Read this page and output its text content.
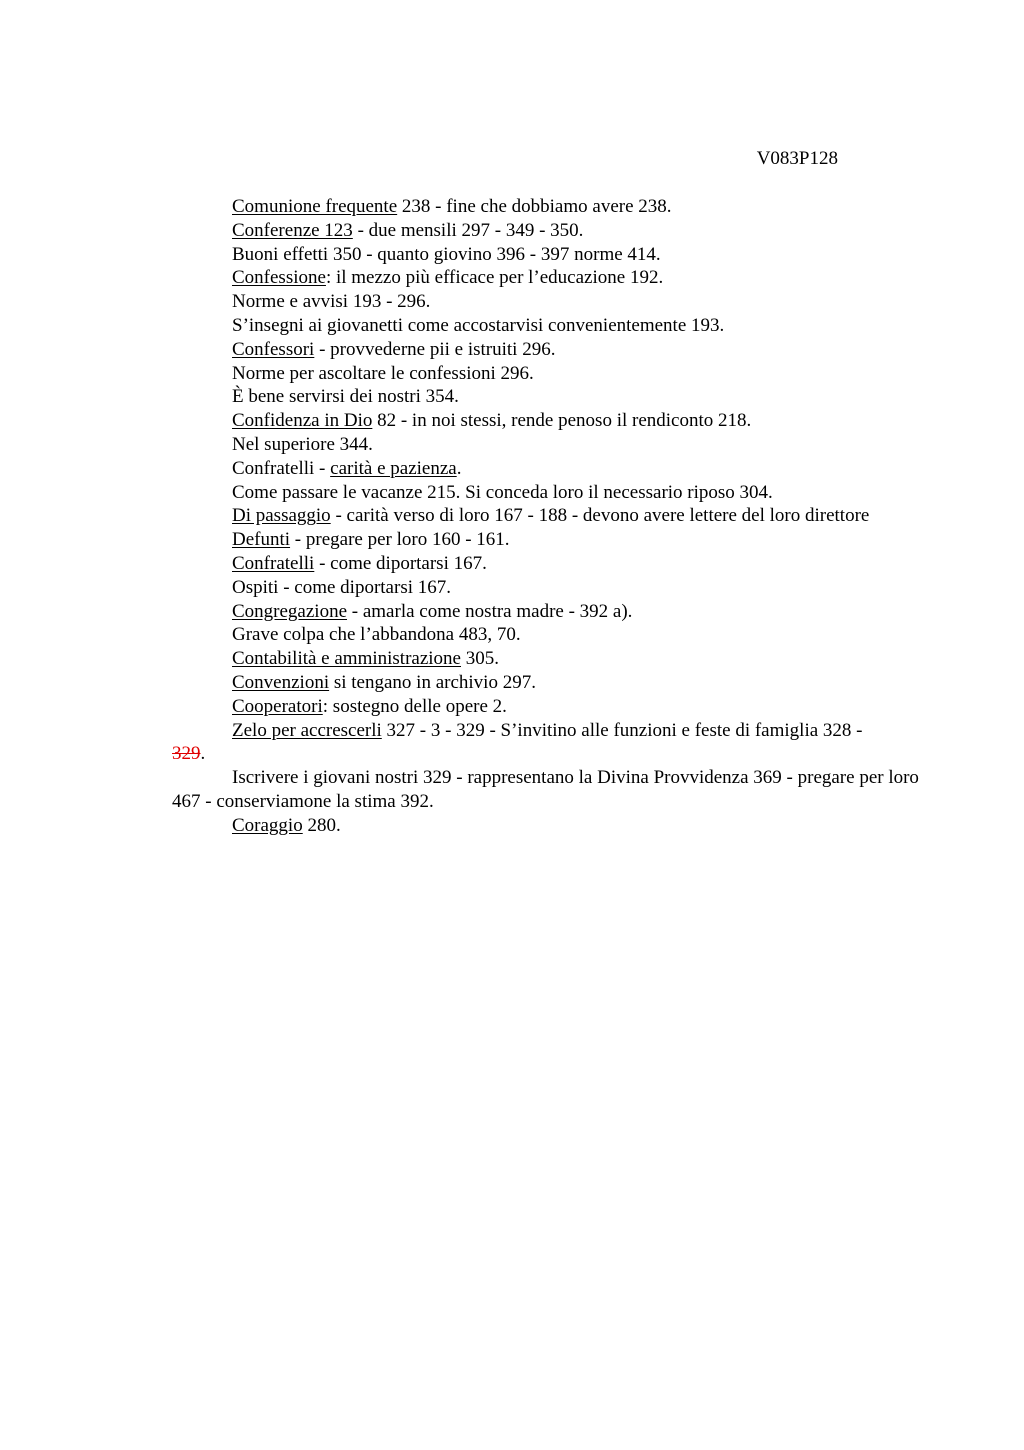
V083P128

Comunione frequente 238 - fine che dobbiamo avere 238.

Conferenze 123 - due mensili 297 - 349 - 350.

Buoni effetti 350 - quanto giovino 396 - 397 norme 414.

Confessione: il mezzo più efficace per l’educazione 192.

Norme e avvisi 193 - 296.

S’insegni ai giovanetti come accostarvisi convenientemente 193.

Confessori - provvederne pii e istruiti 296.

Norme per ascoltare le confessioni 296.

È bene servirsi dei nostri 354.

Confidenza in Dio 82 - in noi stessi, rende penoso il rendiconto 218.

Nel superiore 344.

Confratelli - carità e pazienza.

Come passare le vacanze 215. Si conceda loro il necessario riposo 304.

Di passaggio - carità verso di loro 167 - 188 - devono avere lettere del loro direttore

Defunti - pregare per loro 160 - 161.

Confratelli - come diportarsi 167.

Ospiti - come diportarsi 167.

Congregazione - amarla come nostra madre - 392 a).

Grave colpa che l’abbandona 483, 70.

Contabilità e amministrazione 305.

Convenzioni si tengano in archivio 297.

Cooperatori: sostegno delle opere 2.

Zelo per accrescerli 327 - 3 - 329 - S’invitino alle funzioni e feste di famiglia 328 -
329.

Iscrivere i giovani nostri 329 - rappresentano la Divina Provvidenza 369 - pregare per loro 467 - conserviamone la stima 392.

Coraggio 280.
